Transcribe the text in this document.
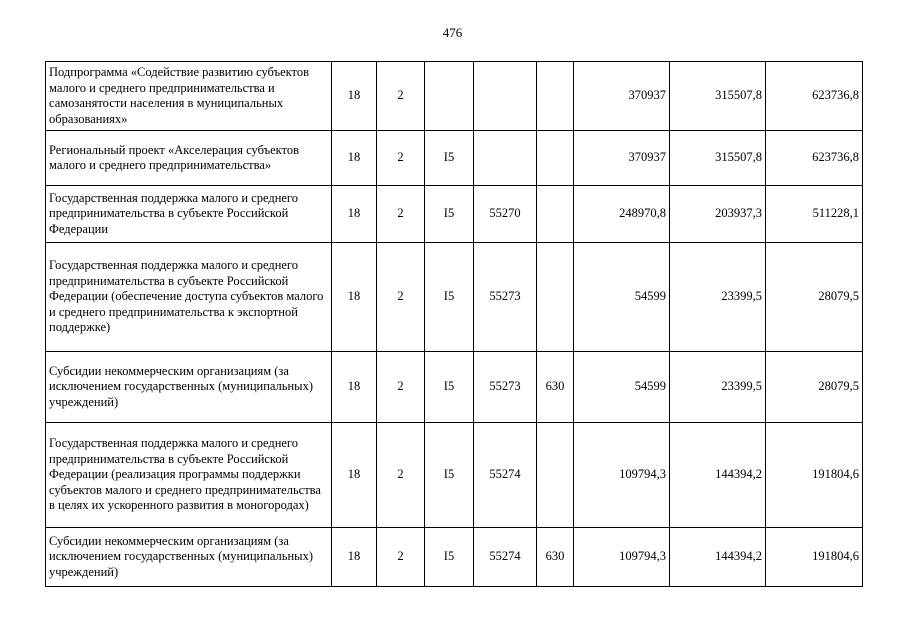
476
Подпрограмма «Содействие развитию субъектов малого и среднего предпринимательства и самозанятости населения в муниципальных образованиях»	18	2				370937	315507,8	623736,8
Региональный проект «Акселерация субъектов малого и среднего предпринимательства»	18	2	I5			370937	315507,8	623736,8
Государственная поддержка малого и среднего предпринимательства в субъекте Российской Федерации	18	2	I5	55270		248970,8	203937,3	511228,1
Государственная поддержка малого и среднего предпринимательства в субъекте Российской Федерации (обеспечение доступа субъектов малого и среднего предпринимательства к экспортной поддержке)	18	2	I5	55273		54599	23399,5	28079,5
Субсидии некоммерческим организациям (за исключением государственных (муниципальных) учреждений)	18	2	I5	55273	630	54599	23399,5	28079,5
Государственная поддержка малого и среднего предпринимательства в субъекте Российской Федерации (реализация программы поддержки субъектов малого и среднего предпринимательства в целях их ускоренного развития в моногородах)	18	2	I5	55274		109794,3	144394,2	191804,6
Субсидии некоммерческим организациям (за исключением государственных (муниципальных) учреждений)	18	2	I5	55274	630	109794,3	144394,2	191804,6
